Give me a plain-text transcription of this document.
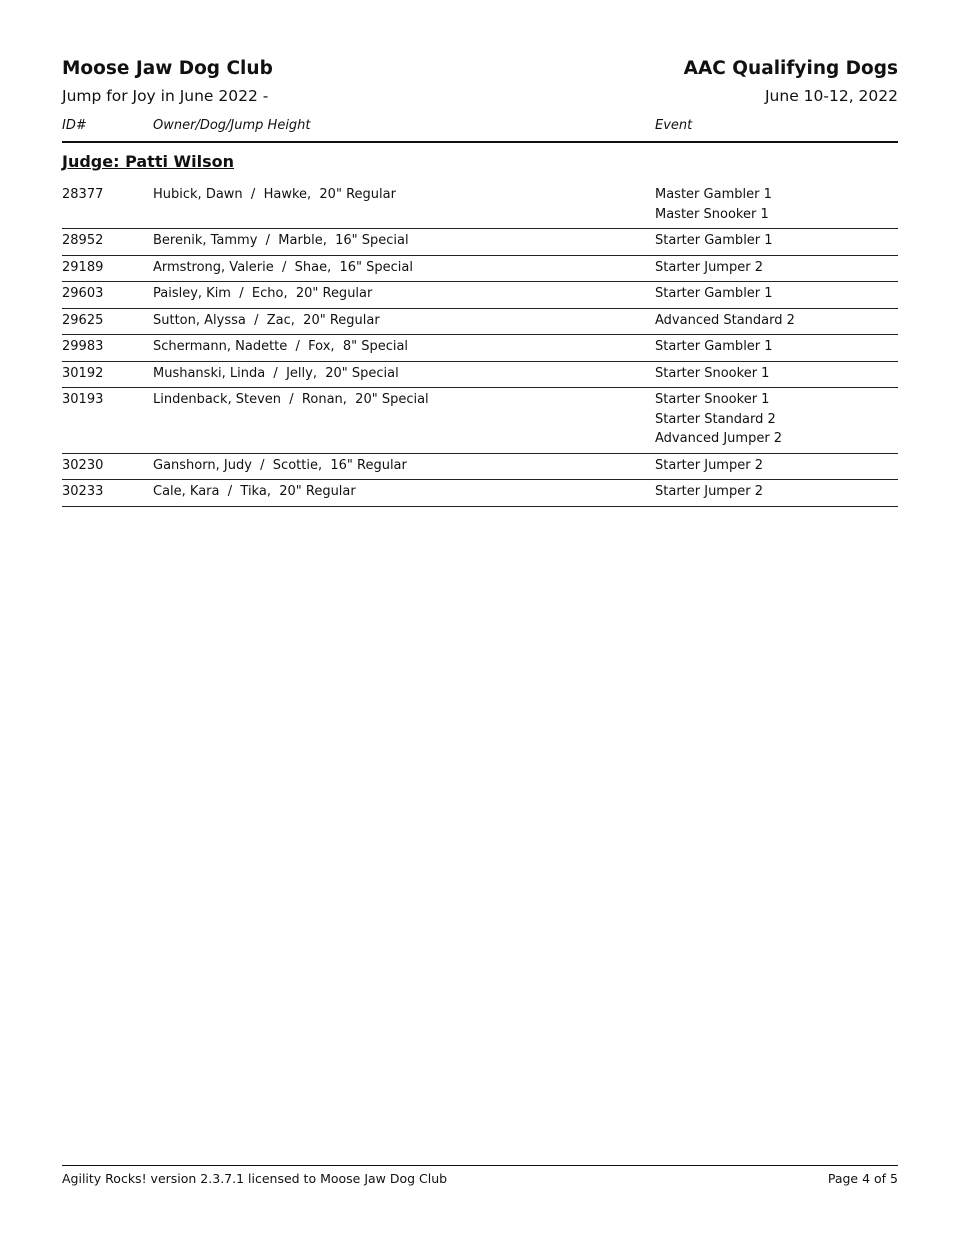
Moose Jaw Dog Club
Jump for Joy in June 2022 -
AAC Qualifying Dogs
June 10-12, 2022
ID#	Owner/Dog/Jump Height	Event
Judge: Patti Wilson
28377	Hubick, Dawn  /  Hawke,  20" Regular	Master Gambler 1
Master Snooker 1
28952	Berenik, Tammy  /  Marble,  16" Special	Starter Gambler 1
29189	Armstrong, Valerie  /  Shae,  16" Special	Starter Jumper 2
29603	Paisley, Kim  /  Echo,  20" Regular	Starter Gambler 1
29625	Sutton, Alyssa  /  Zac,  20" Regular	Advanced Standard 2
29983	Schermann, Nadette  /  Fox,  8" Special	Starter Gambler 1
30192	Mushanski, Linda  /  Jelly,  20" Special	Starter Snooker 1
30193	Lindenback, Steven  /  Ronan,  20" Special	Starter Snooker 1
Starter Standard 2
Advanced Jumper 2
30230	Ganshorn, Judy  /  Scottie,  16" Regular	Starter Jumper 2
30233	Cale, Kara  /  Tika,  20" Regular	Starter Jumper 2
Agility Rocks! version 2.3.7.1 licensed to Moose Jaw Dog Club	Page 4 of 5
